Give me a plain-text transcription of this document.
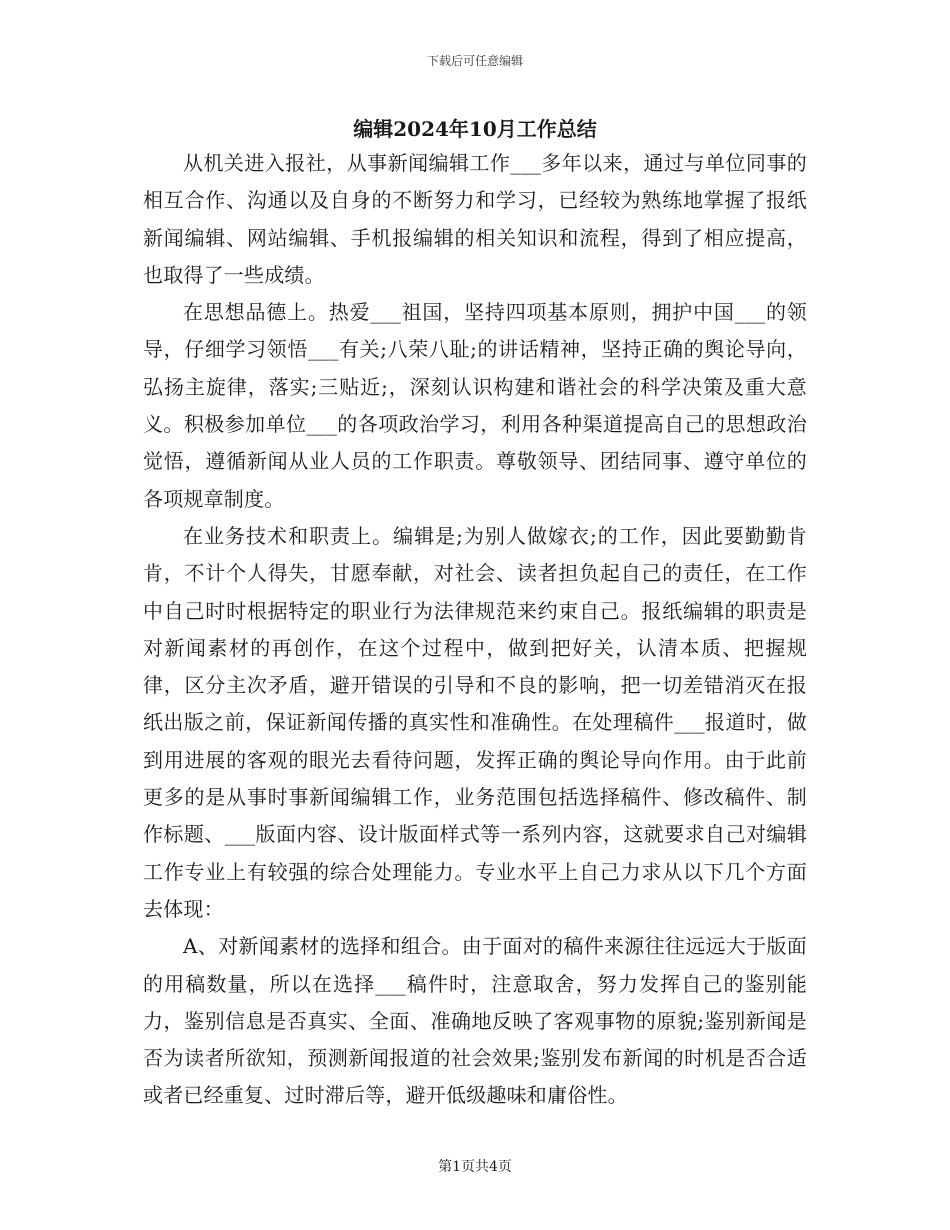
下载后可任意编辑
编辑2024年10月工作总结

从机关进入报社，从事新闻编辑工作___多年以来，通过与单位同事的相互合作、沟通以及自身的不断努力和学习，已经较为熟练地掌握了报纸新闻编辑、网站编辑、手机报编辑的相关知识和流程，得到了相应提高，也取得了一些成绩。

在思想品德上。热爱___祖国，坚持四项基本原则，拥护中国___的领导，仔细学习领悟___有关;八荣八耻;的讲话精神，坚持正确的舆论导向，弘扬主旋律，落实;三贴近;，深刻认识构建和谐社会的科学决策及重大意义。积极参加单位___的各项政治学习，利用各种渠道提高自己的思想政治觉悟，遵循新闻从业人员的工作职责。尊敬领导、团结同事、遵守单位的各项规章制度。

在业务技术和职责上。编辑是;为别人做嫁衣;的工作，因此要勤勤肯肯，不计个人得失，甘愿奉献，对社会、读者担负起自己的责任，在工作中自己时时根据特定的职业行为法律规范来约束自己。报纸编辑的职责是对新闻素材的再创作，在这个过程中，做到把好关，认清本质、把握规律，区分主次矛盾，避开错误的引导和不良的影响，把一切差错消灭在报纸出版之前，保证新闻传播的真实性和准确性。在处理稿件___报道时，做到用进展的客观的眼光去看待问题，发挥正确的舆论导向作用。由于此前更多的是从事时事新闻编辑工作，业务范围包括选择稿件、修改稿件、制作标题、___版面内容、设计版面样式等一系列内容，这就要求自己对编辑工作专业上有较强的综合处理能力。专业水平上自己力求从以下几个方面去体现：

A、对新闻素材的选择和组合。由于面对的稿件来源往往远远大于版面的用稿数量，所以在选择___稿件时，注意取舍，努力发挥自己的鉴别能力，鉴别信息是否真实、全面、准确地反映了客观事物的原貌;鉴别新闻是否为读者所欲知，预测新闻报道的社会效果;鉴别发布新闻的时机是否合适或者已经重复、过时滞后等，避开低级趣味和庸俗性。

第1页共4页
